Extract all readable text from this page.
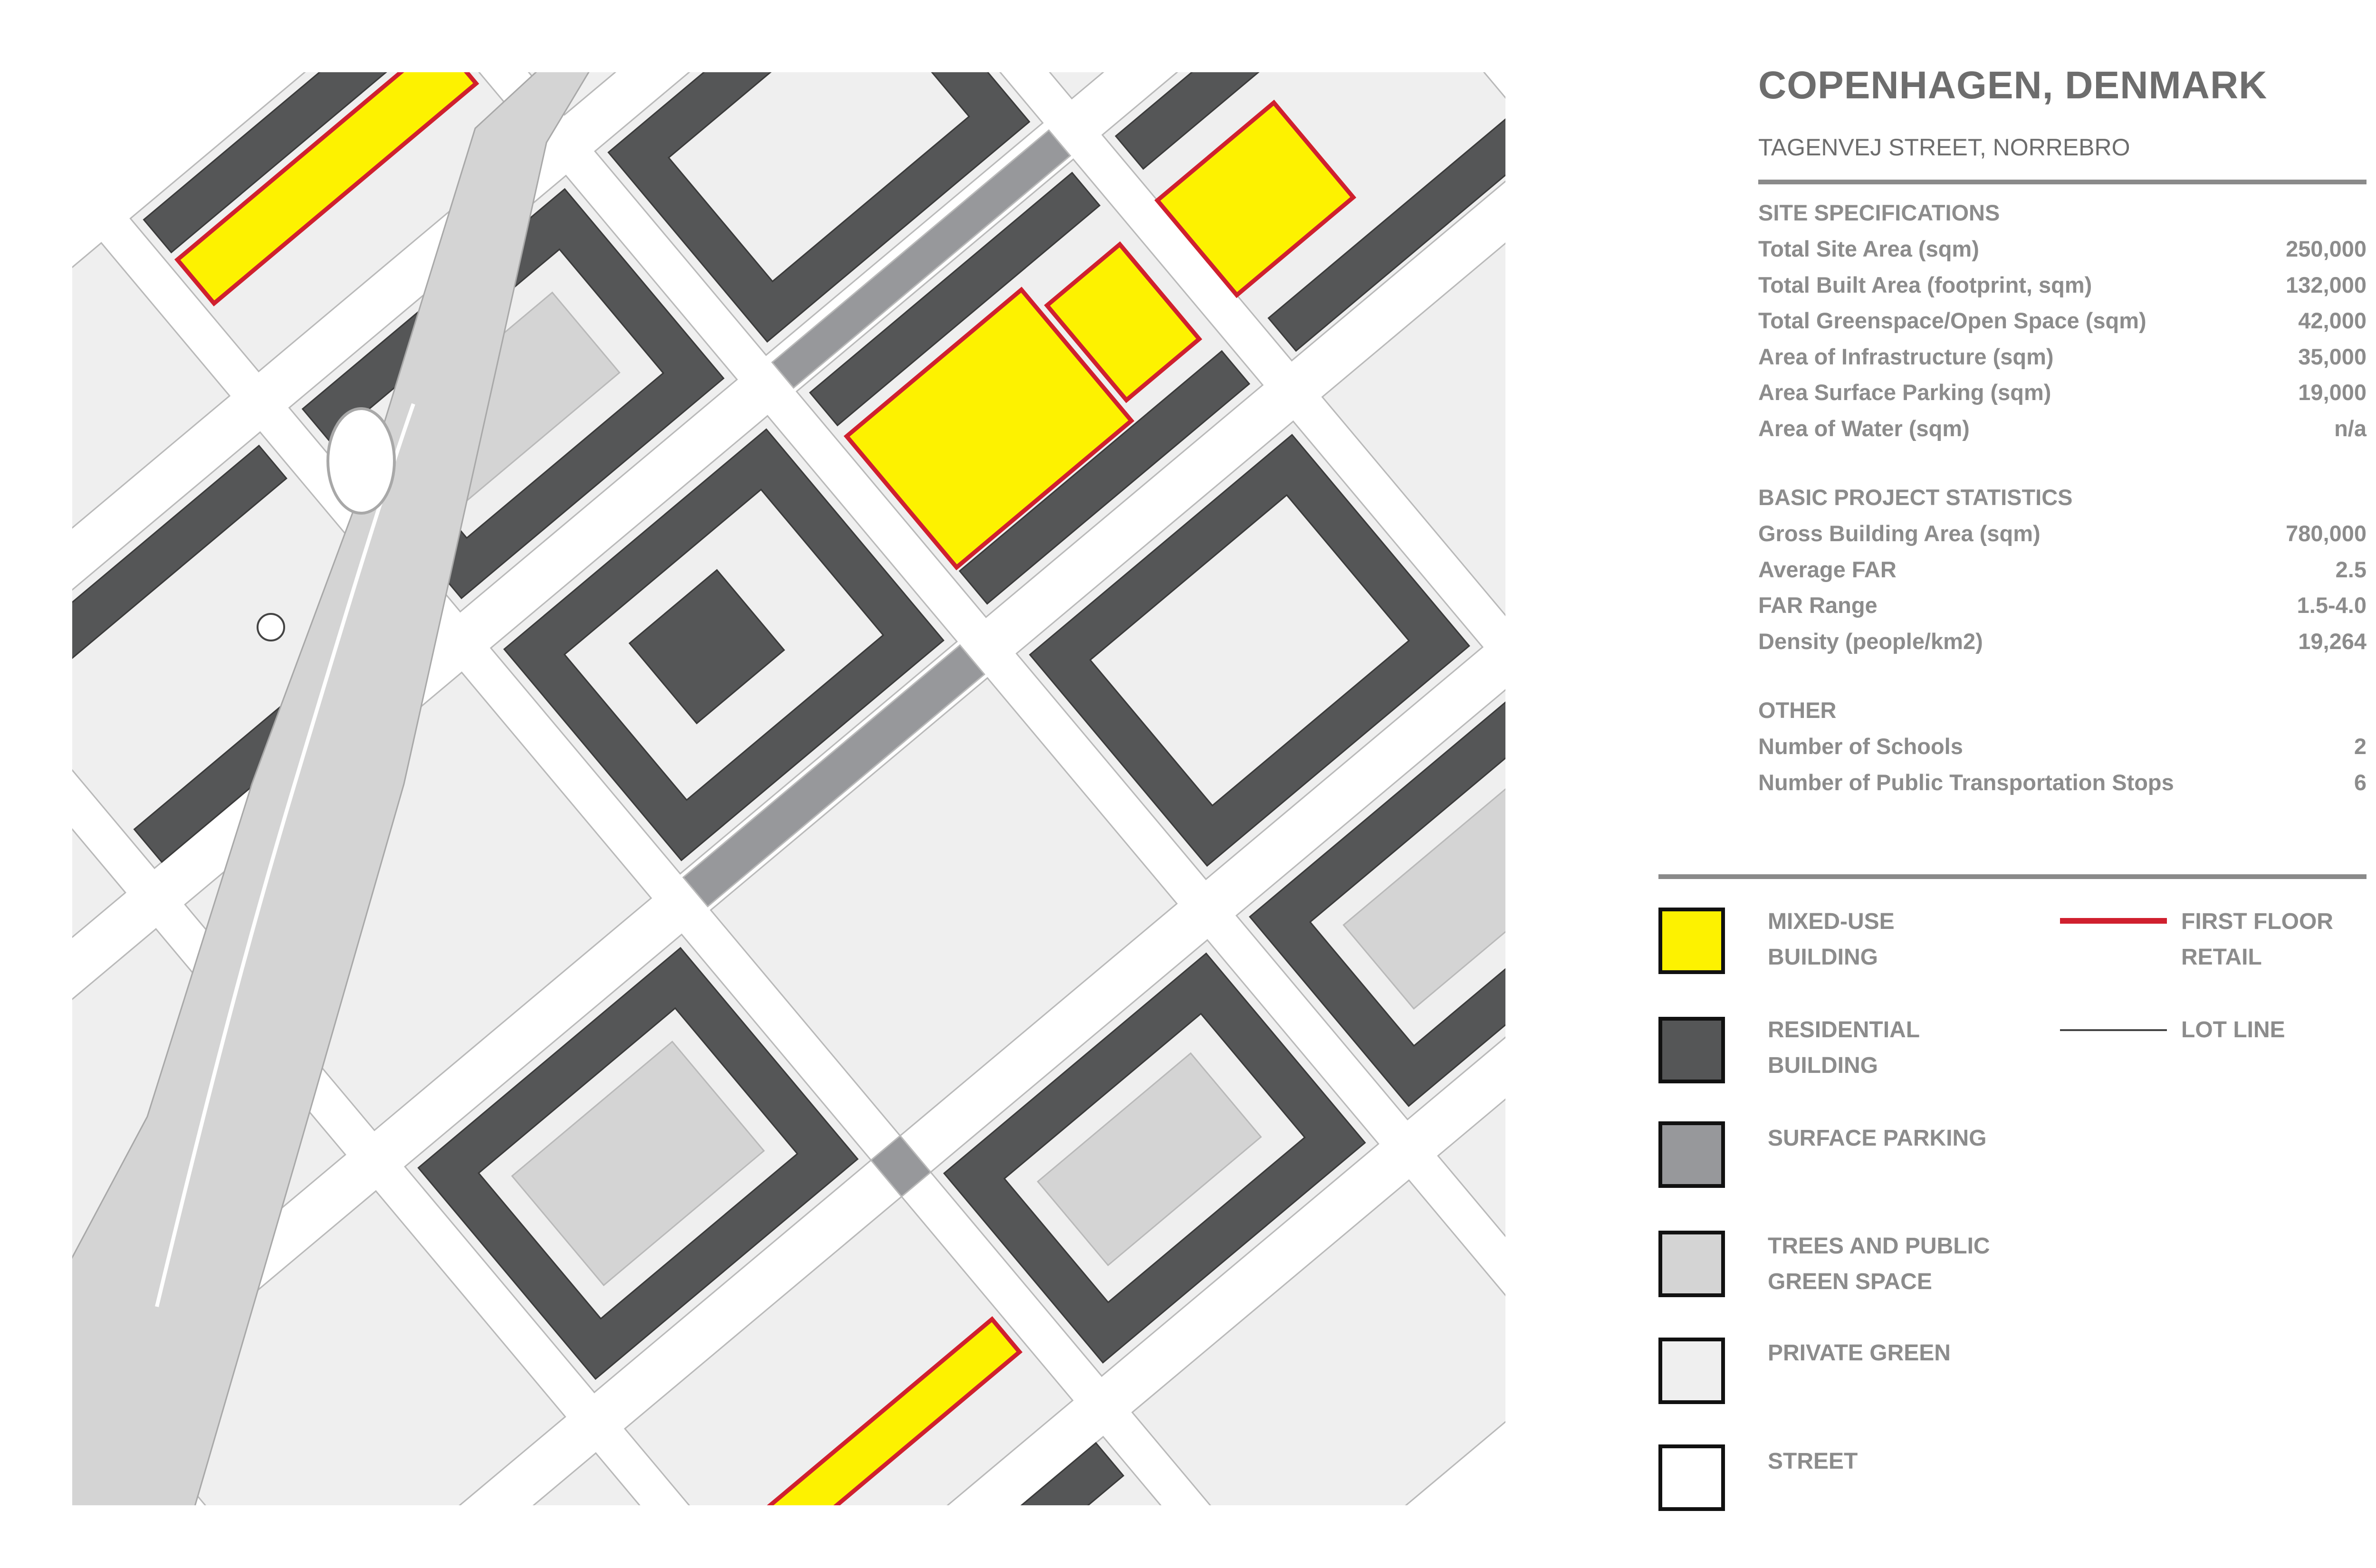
COPENHAGEN, DENMARK
TAGENVEJ STREET, NORREBRO
SITE SPECIFICATIONS
Total Site Area (sqm)	250,000
Total Built Area (footprint, sqm)	132,000
Total Greenspace/Open Space (sqm)	42,000
Area of Infrastructure (sqm)	35,000
Area Surface Parking (sqm)	19,000
Area of Water (sqm)	n/a
BASIC PROJECT STATISTICS
Gross Building Area (sqm)	780,000
Average FAR	2.5
FAR Range	1.5-4.0
Density (people/km2)	19,264
OTHER
Number of Schools	2
Number of Public Transportation Stops	6
MIXED-USE
BUILDING
RESIDENTIAL
BUILDING
SURFACE PARKING
TREES AND PUBLIC
GREEN SPACE
PRIVATE GREEN
STREET
FIRST FLOOR
RETAIL
LOT LINE
